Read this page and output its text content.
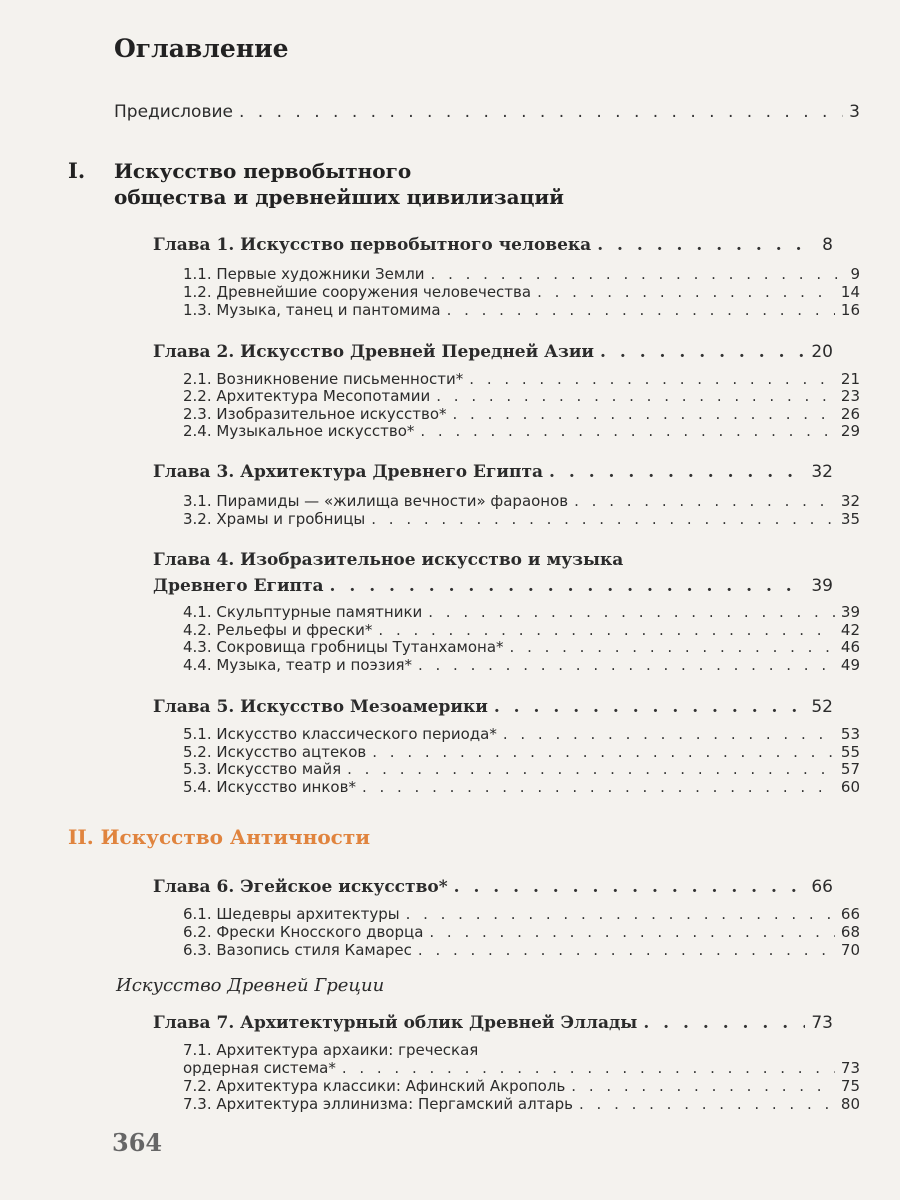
Оглавление
Предисловие . . .	3
I. Искусство первобытного
общества и древнейших цивилизаций
Глава 1. Искусство первобытного человека . . .	8
1.1. Первые художники Земли . . .	9
1.2. Древнейшие сооружения человечества . . .	14
1.3. Музыка, танец и пантомима . . .	16
Глава 2. Искусство Древней Передней Азии . . .	20
2.1. Возникновение письменности* . . .	21
2.2. Архитектура Месопотамии . . .	23
2.3. Изобразительное искусство* . . .	26
2.4. Музыкальное искусство* . . .	29
Глава 3. Архитектура Древнего Египта . . .	32
3.1. Пирамиды — «жилища вечности» фараонов . . .	32
3.2. Храмы и гробницы . . .	35
Глава 4. Изобразительное искусство и музыка
Древнего Египта . . .	39
4.1. Скульптурные памятники . . .	39
4.2. Рельефы и фрески* . . .	42
4.3. Сокровища гробницы Тутанхамона* . . .	46
4.4. Музыка, театр и поэзия* . . .	49
Глава 5. Искусство Мезоамерики . . .	52
5.1. Искусство классического периода* . . .	53
5.2. Искусство ацтеков . . .	55
5.3. Искусство майя . . .	57
5.4. Искусство инков* . . .	60
II. Искусство Античности
Глава 6. Эгейское искусство* . . .	66
6.1. Шедевры архитектуры . . .	66
6.2. Фрески Кносского дворца . . .	68
6.3. Вазопись стиля Камарес . . .	70
Искусство Древней Греции
Глава 7. Архитектурный облик Древней Эллады . . .	73
7.1. Архитектура архаики: греческая
ордерная система* . . .	73
7.2. Архитектура классики: Афинский Акрополь . . .	75
7.3. Архитектура эллинизма: Пергамский алтарь . . .	80
364
